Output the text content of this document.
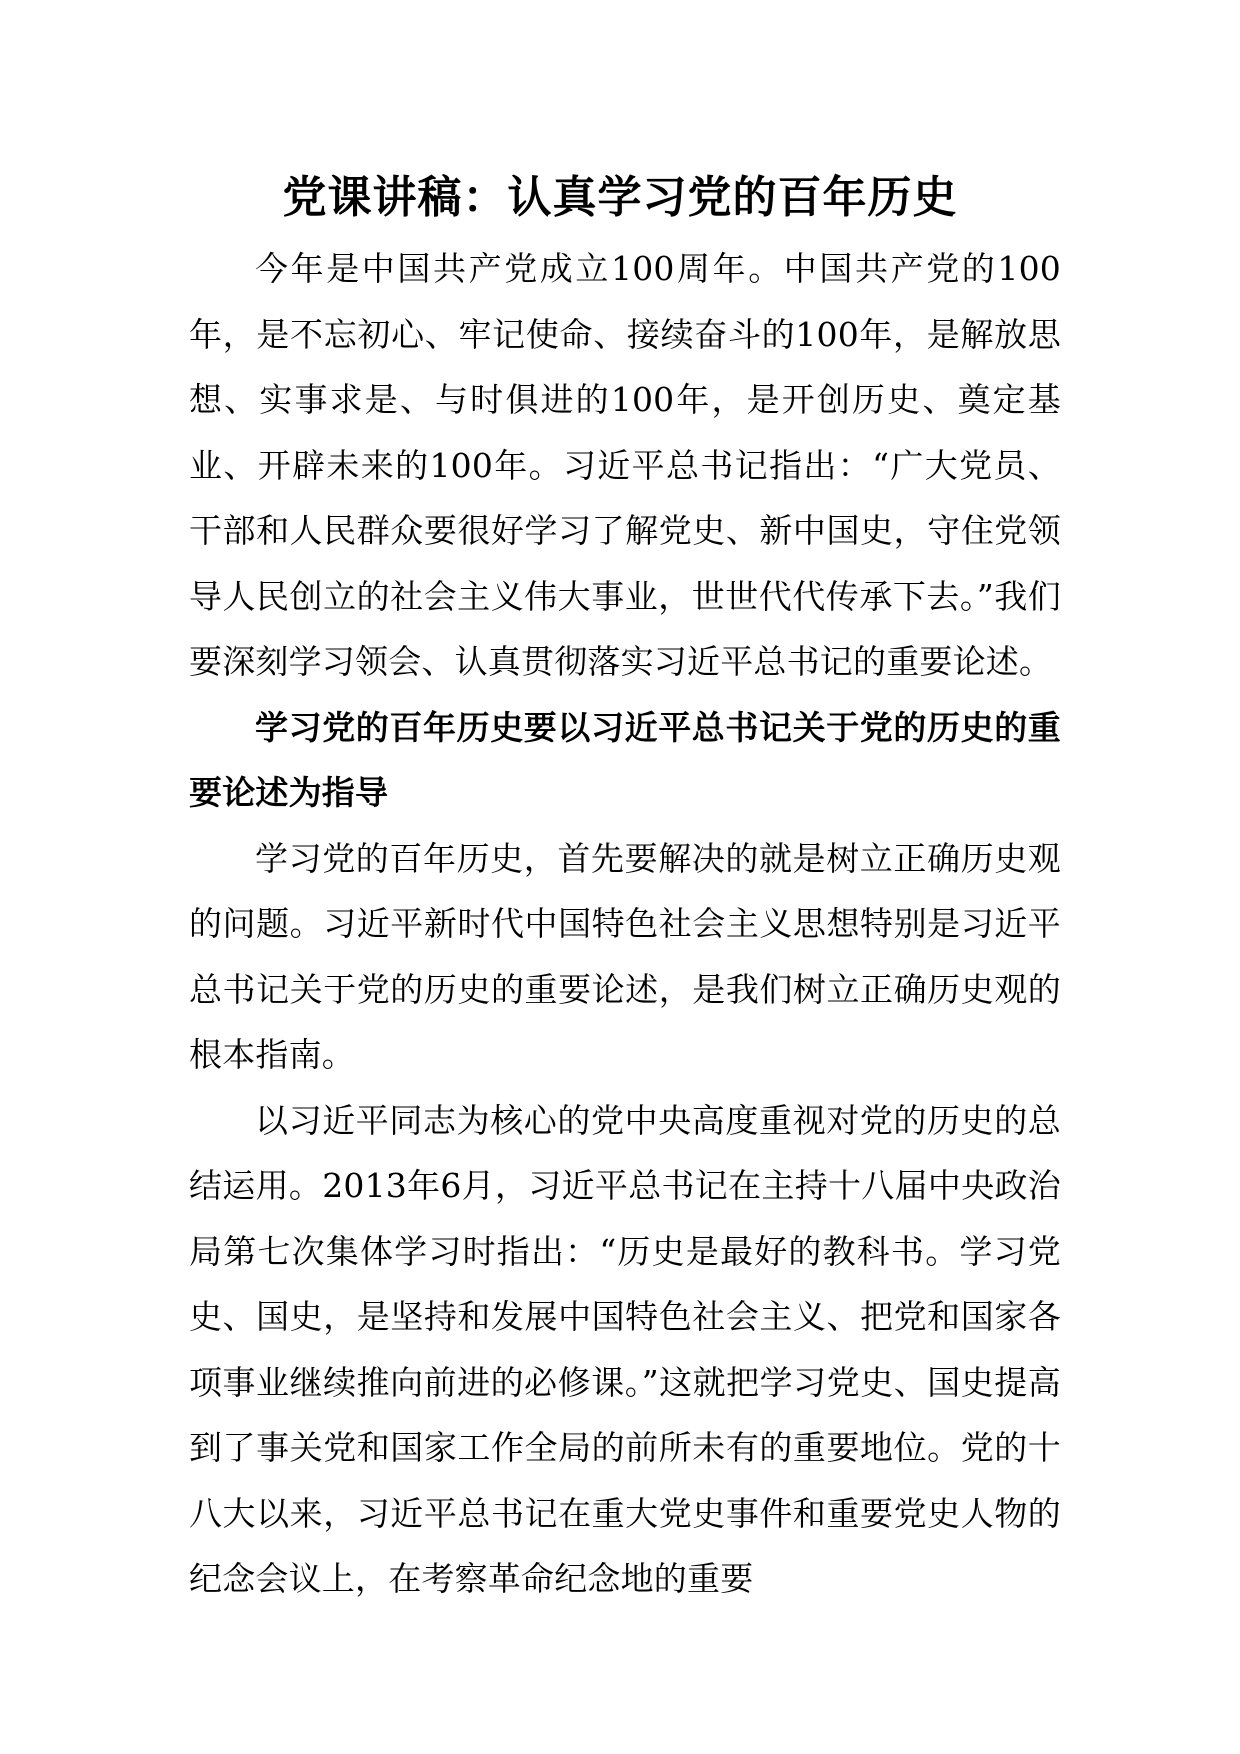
党课讲稿：认真学习党的百年历史

今年是中国共产党成立100周年。中国共产党的100年，是不忘初心、牢记使命、接续奋斗的100年，是解放思想、实事求是、与时俱进的100年，是开创历史、奠定基业、开辟未来的100年。习近平总书记指出：“广大党员、干部和人民群众要很好学习了解党史、新中国史，守住党领导人民创立的社会主义伟大事业，世世代代传承下去。”我们要深刻学习领会、认真贯彻落实习近平总书记的重要论述。

学习党的百年历史要以习近平总书记关于党的历史的重要论述为指导

学习党的百年历史，首先要解决的就是树立正确历史观的问题。习近平新时代中国特色社会主义思想特别是习近平总书记关于党的历史的重要论述，是我们树立正确历史观的根本指南。

以习近平同志为核心的党中央高度重视对党的历史的总结运用。2013年6月，习近平总书记在主持十八届中央政治局第七次集体学习时指出：“历史是最好的教科书。学习党史、国史，是坚持和发展中国特色社会主义、把党和国家各项事业继续推向前进的必修课。”这就把学习党史、国史提高到了事关党和国家工作全局的前所未有的重要地位。党的十八大以来，习近平总书记在重大党史事件和重要党史人物的纪念会议上，在考察革命纪念地的重要
